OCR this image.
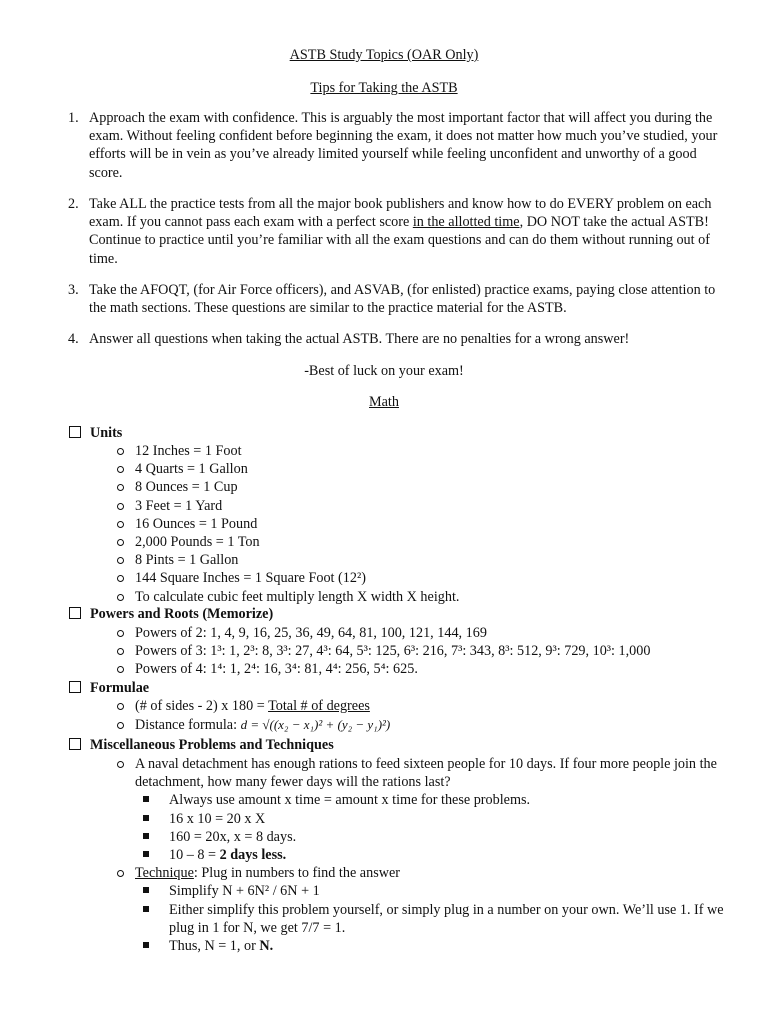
ASTB Study Topics (OAR Only)
Tips for Taking the ASTB
1. Approach the exam with confidence. This is arguably the most important factor that will affect you during the exam. Without feeling confident before beginning the exam, it does not matter how much you’ve studied, your efforts will be in vein as you’ve already limited yourself while feeling unconfident and unworthy of a good score.
2. Take ALL the practice tests from all the major book publishers and know how to do EVERY problem on each exam. If you cannot pass each exam with a perfect score in the allotted time, DO NOT take the actual ASTB! Continue to practice until you’re familiar with all the exam questions and can do them without running out of time.
3. Take the AFOQT, (for Air Force officers), and ASVAB, (for enlisted) practice exams, paying close attention to the math sections. These questions are similar to the practice material for the ASTB.
4. Answer all questions when taking the actual ASTB. There are no penalties for a wrong answer!
-Best of luck on your exam!
Math
Units
12 Inches = 1 Foot
4 Quarts = 1 Gallon
8 Ounces = 1 Cup
3 Feet = 1 Yard
16 Ounces = 1 Pound
2,000 Pounds = 1 Ton
8 Pints = 1 Gallon
144 Square Inches = 1 Square Foot (12²)
To calculate cubic feet multiply length X width X height.
Powers and Roots (Memorize)
Powers of 2: 1, 4, 9, 16, 25, 36, 49, 64, 81, 100, 121, 144, 169
Powers of 3: 1³: 1, 2³: 8, 3³: 27, 4³: 64, 5³: 125, 6³: 216, 7³: 343, 8³: 512, 9³: 729, 10³: 1,000
Powers of 4: 1⁴: 1, 2⁴: 16, 3⁴: 81, 4⁴: 256, 5⁴: 625.
Formulae
(# of sides - 2) x 180 = Total # of degrees
Distance formula: d = √((x₂ − x₁)² + (y₂ − y₁)²)
Miscellaneous Problems and Techniques
A naval detachment has enough rations to feed sixteen people for 10 days. If four more people join the detachment, how many fewer days will the rations last?
Always use amount x time = amount x time for these problems.
16 x 10 = 20 x X
160 = 20x, x = 8 days.
10 – 8 = 2 days less.
Technique: Plug in numbers to find the answer
Simplify N + 6N² / 6N + 1
Either simplify this problem yourself, or simply plug in a number on your own. We’ll use 1. If we plug in 1 for N, we get 7/7 = 1.
Thus, N = 1, or N.
